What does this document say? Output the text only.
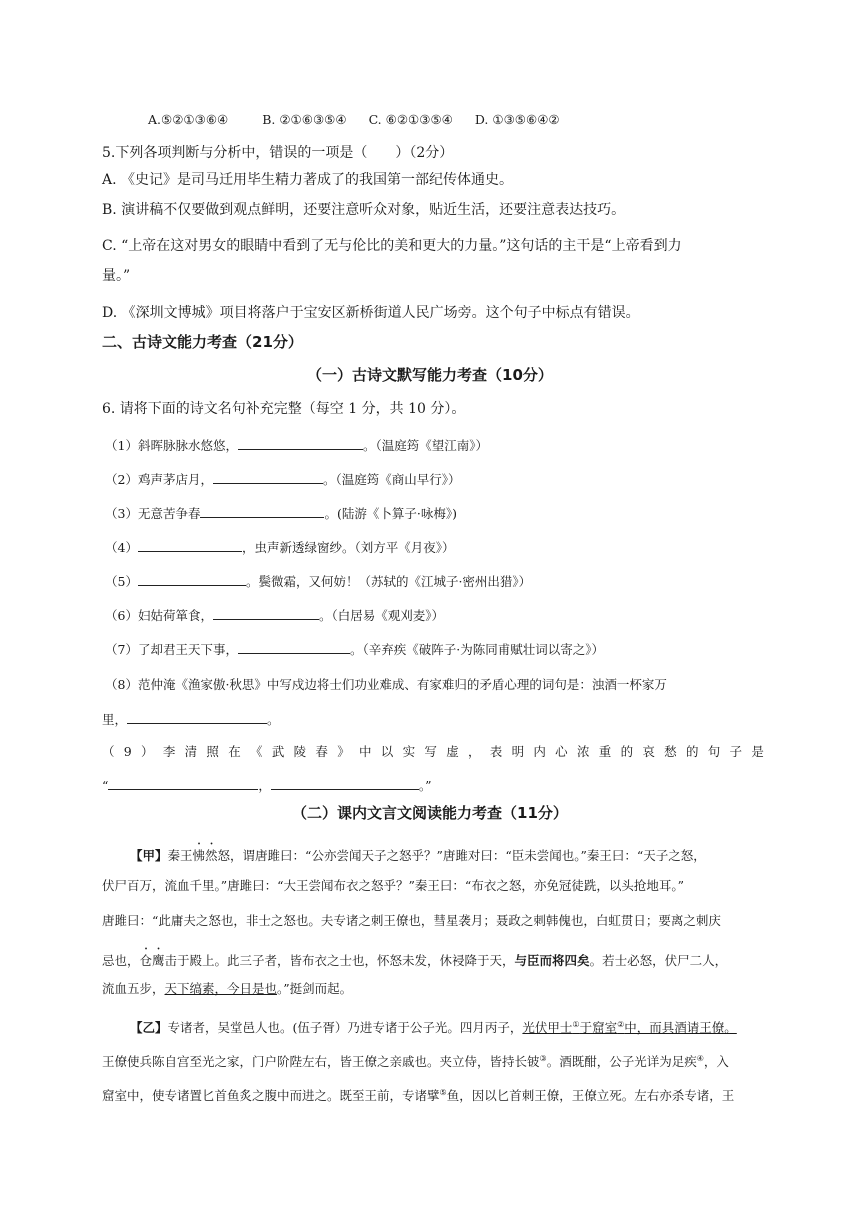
A.⑤②①③⑥④	B. ②①⑥③⑤④ C. ⑥②①③⑤④ D. ①③⑤⑥④②
5.下列各项判断与分析中，错误的一项是（　　）（2分）
A. 《史记》是司马迁用毕生精力著成了的我国第一部纪传体通史。
B. 演讲稿不仅要做到观点鲜明，还要注意听众对象，贴近生活，还要注意表达技巧。
C. “上帝在这对男女的眼睛中看到了无与伦比的美和更大的力量。”这句话的主干是“上帝看到力
量。”
D. 《深圳文博城》项目将落户于宝安区新桥街道人民广场旁。这个句子中标点有错误。
二、古诗文能力考查（21分）
（一）古诗文默写能力考查（10分）
6. 请将下面的诗文名句补充完整（每空 1 分，共 10 分）。
（1）斜晖脉脉水悠悠，	。（温庭筠《望江南》）
（2）鸡声茅店月，	。（温庭筠《商山早行》）
（3）无意苦争春	。(陆游《卜算子·咏梅》)
（4）	，虫声新透绿窗纱。（刘方平《月夜》）
（5）	。鬓微霜，又何妨！（苏轼的《江城子·密州出猎》）
（6）妇姑荷箪食，	。（白居易《观刈麦》）
（7）了却君王天下事，	。（辛弃疾《破阵子·为陈同甫赋壮词以寄之》）
（8）范仲淹《渔家傲·秋思》中写戍边将士们功业难成、有家难归的矛盾心理的词句是：浊酒一杯家万
里，	。
（ 9 ） 李 清 照 在 《 武 陵 春 》 中 以 实 写 虚 ， 表 明 内 心 浓 重 的 哀 愁 的 句 子 是
“	，	。”
（二）课内文言文阅读能力考查（11分）
【甲】秦王怫然怒，谓唐雎曰：“公亦尝闻天子之怒乎？”唐雎对曰：“臣未尝闻也。”秦王曰：“天子之怒，
伏尸百万，流血千里。”唐雎曰：“大王尝闻布衣之怒乎？”秦王曰：“布衣之怒，亦免冠徒跣，以头抢地耳。”
唐雎曰：“此庸夫之怒也，非士之怒也。夫专诸之刺王僚也，彗星袭月；聂政之刺韩傀也，白虹贯日；要离之刺庆
忌也，仓鹰击于殿上。此三子者，皆布衣之士也，怀怒未发，休祲降于天，与臣而将四矣。若士必怒，伏尸二人，
流血五步，天下缟素，今日是也。”挺剑而起。
【乙】专诸者，吴堂邑人也。(伍子胥）乃进专诸于公子光。四月丙子，光伏甲士①于窟室②中，而具酒请王僚。
王僚使兵陈自宫至光之家，门户阶陛左右，皆王僚之亲戚也。夹立侍，皆持长铍③。酒既酣，公子光详为足疾④，入
窟室中，使专诸置匕首鱼炙之腹中而进之。既至王前，专诸擘⑤鱼，因以匕首刺王僚，王僚立死。左右亦杀专诸，王
